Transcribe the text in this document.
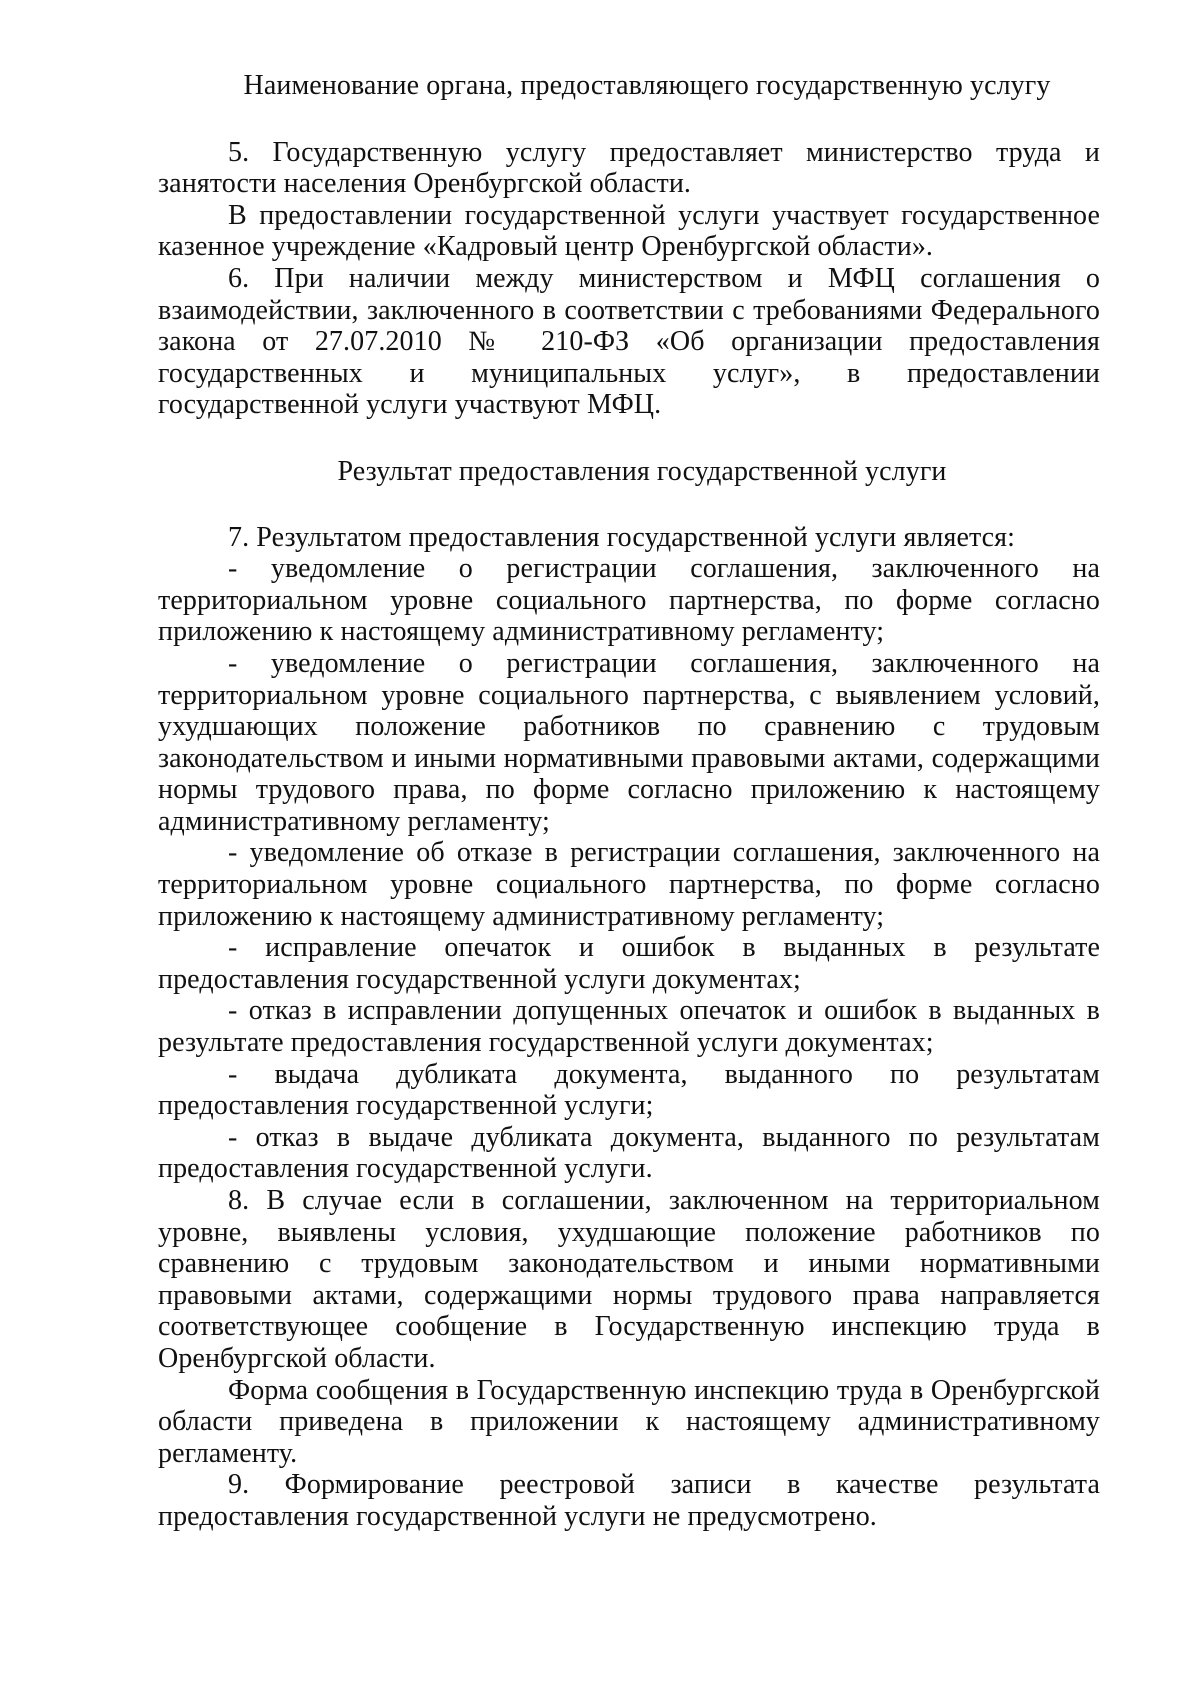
Наименование органа, предоставляющего государственную услугу

5. Государственную услугу предоставляет министерство труда и занятости населения Оренбургской области.

В предоставлении государственной услуги участвует государственное казенное учреждение «Кадровый центр Оренбургской области».

6. При наличии между министерством и МФЦ соглашения о взаимодействии, заключенного в соответствии с требованиями Федерального закона от 27.07.2010 № 210-ФЗ «Об организации предоставления государственных и муниципальных услуг», в предоставлении государственной услуги участвуют МФЦ.

Результат предоставления государственной услуги

7. Результатом предоставления государственной услуги является:

- уведомление о регистрации соглашения, заключенного на территориальном уровне социального партнерства, по форме согласно приложению к настоящему административному регламенту;

- уведомление о регистрации соглашения, заключенного на территориальном уровне социального партнерства, с выявлением условий, ухудшающих положение работников по сравнению с трудовым законодательством и иными нормативными правовыми актами, содержащими нормы трудового права, по форме согласно приложению к настоящему административному регламенту;

- уведомление об отказе в регистрации соглашения, заключенного на территориальном уровне социального партнерства, по форме согласно приложению к настоящему административному регламенту;

- исправление опечаток и ошибок в выданных в результате предоставления государственной услуги документах;

- отказ в исправлении допущенных опечаток и ошибок в выданных в результате предоставления государственной услуги документах;

- выдача дубликата документа, выданного по результатам предоставления государственной услуги;

- отказ в выдаче дубликата документа, выданного по результатам предоставления государственной услуги.

8. В случае если в соглашении, заключенном на территориальном уровне, выявлены условия, ухудшающие положение работников по сравнению с трудовым законодательством и иными нормативными правовыми актами, содержащими нормы трудового права направляется соответствующее сообщение в Государственную инспекцию труда в Оренбургской области.

Форма сообщения в Государственную инспекцию труда в Оренбургской области приведена в приложении к настоящему административному регламенту.

9. Формирование реестровой записи в качестве результата предоставления государственной услуги не предусмотрено.
